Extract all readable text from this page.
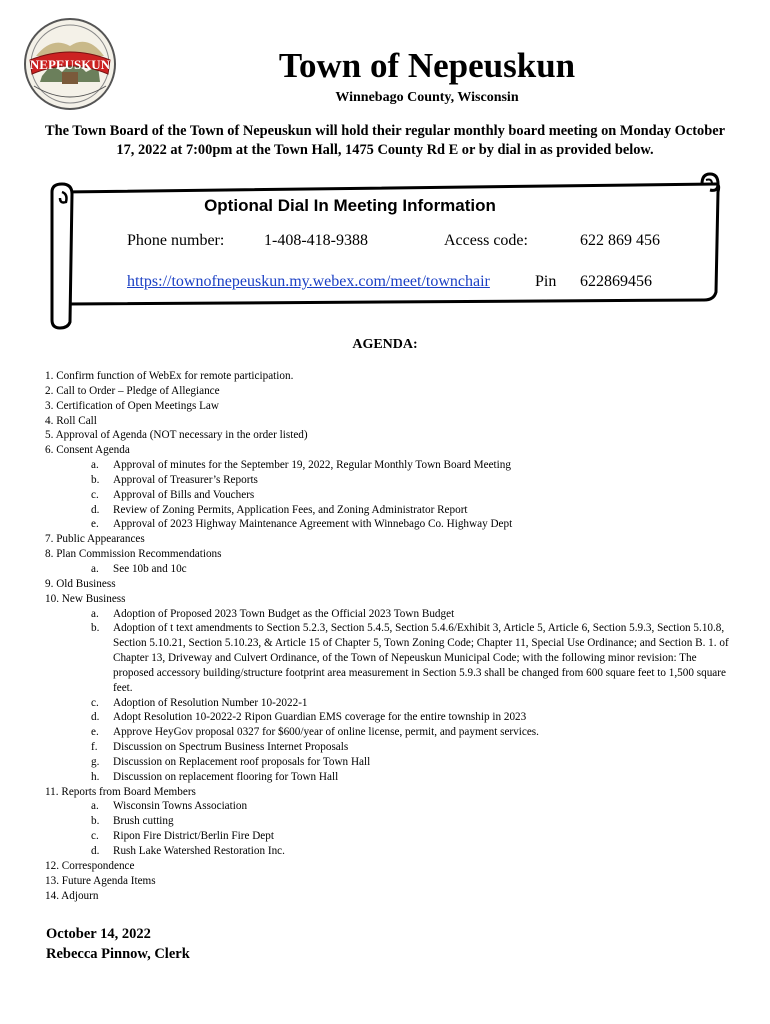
NEPEUSKUN	Town of Nepeuskun

Winnebago County, Wisconsin

The Town Board of the Town of Nepeuskun will hold their regular monthly board meeting on Monday October 17, 2022 at 7:00pm at the Town Hall, 1475 County Rd E or by dial in as provided below.

Optional Dial In Meeting Information

Phone number: 1-408-418-9388	Access code:	622 869 456
https://townofnepeuskun.my.webex.com/meet/townchair	Pin 622869456

AGENDA:

1. Confirm function of WebEx for remote participation.
2. Call to Order – Pledge of Allegiance
3. Certification of Open Meetings Law
4. Roll Call
5. Approval of Agenda (NOT necessary in the order listed)
6. Consent Agenda
a. Approval of minutes for the September 19, 2022, Regular Monthly Town Board Meeting
b. Approval of Treasurer’s Reports
c. Approval of Bills and Vouchers
d. Review of Zoning Permits, Application Fees, and Zoning Administrator Report
e. Approval of 2023 Highway Maintenance Agreement with Winnebago Co. Highway Dept
7. Public Appearances
8. Plan Commission Recommendations
a. See 10b and 10c
9. Old Business
10. New Business
a. Adoption of Proposed 2023 Town Budget as the Official 2023 Town Budget
b. Adoption of t text amendments to Section 5.2.3, Section 5.4.5, Section 5.4.6/Exhibit 3, Article 5, Article 6, Section 5.9.3, Section 5.10.8, Section 5.10.21, Section 5.10.23, & Article 15 of Chapter 5, Town Zoning Code; Chapter 11, Special Use Ordinance; and Section B. 1. of Chapter 13, Driveway and Culvert Ordinance, of the Town of Nepeuskun Municipal Code; with the following minor revision: The proposed accessory building/structure footprint area measurement in Section 5.9.3 shall be changed from 600 square feet to 1,500 square feet.
c. Adoption of Resolution Number 10-2022-1
d. Adopt Resolution 10-2022-2 Ripon Guardian EMS coverage for the entire township in 2023
e. Approve HeyGov proposal 0327 for $600/year of online license, permit, and payment services.
f. Discussion on Spectrum Business Internet Proposals
g. Discussion on Replacement roof proposals for Town Hall
h. Discussion on replacement flooring for Town Hall
11. Reports from Board Members
a. Wisconsin Towns Association
b. Brush cutting
c. Ripon Fire District/Berlin Fire Dept
d. Rush Lake Watershed Restoration Inc.
12. Correspondence
13. Future Agenda Items
14. Adjourn
October 14, 2022
Rebecca Pinnow, Clerk
